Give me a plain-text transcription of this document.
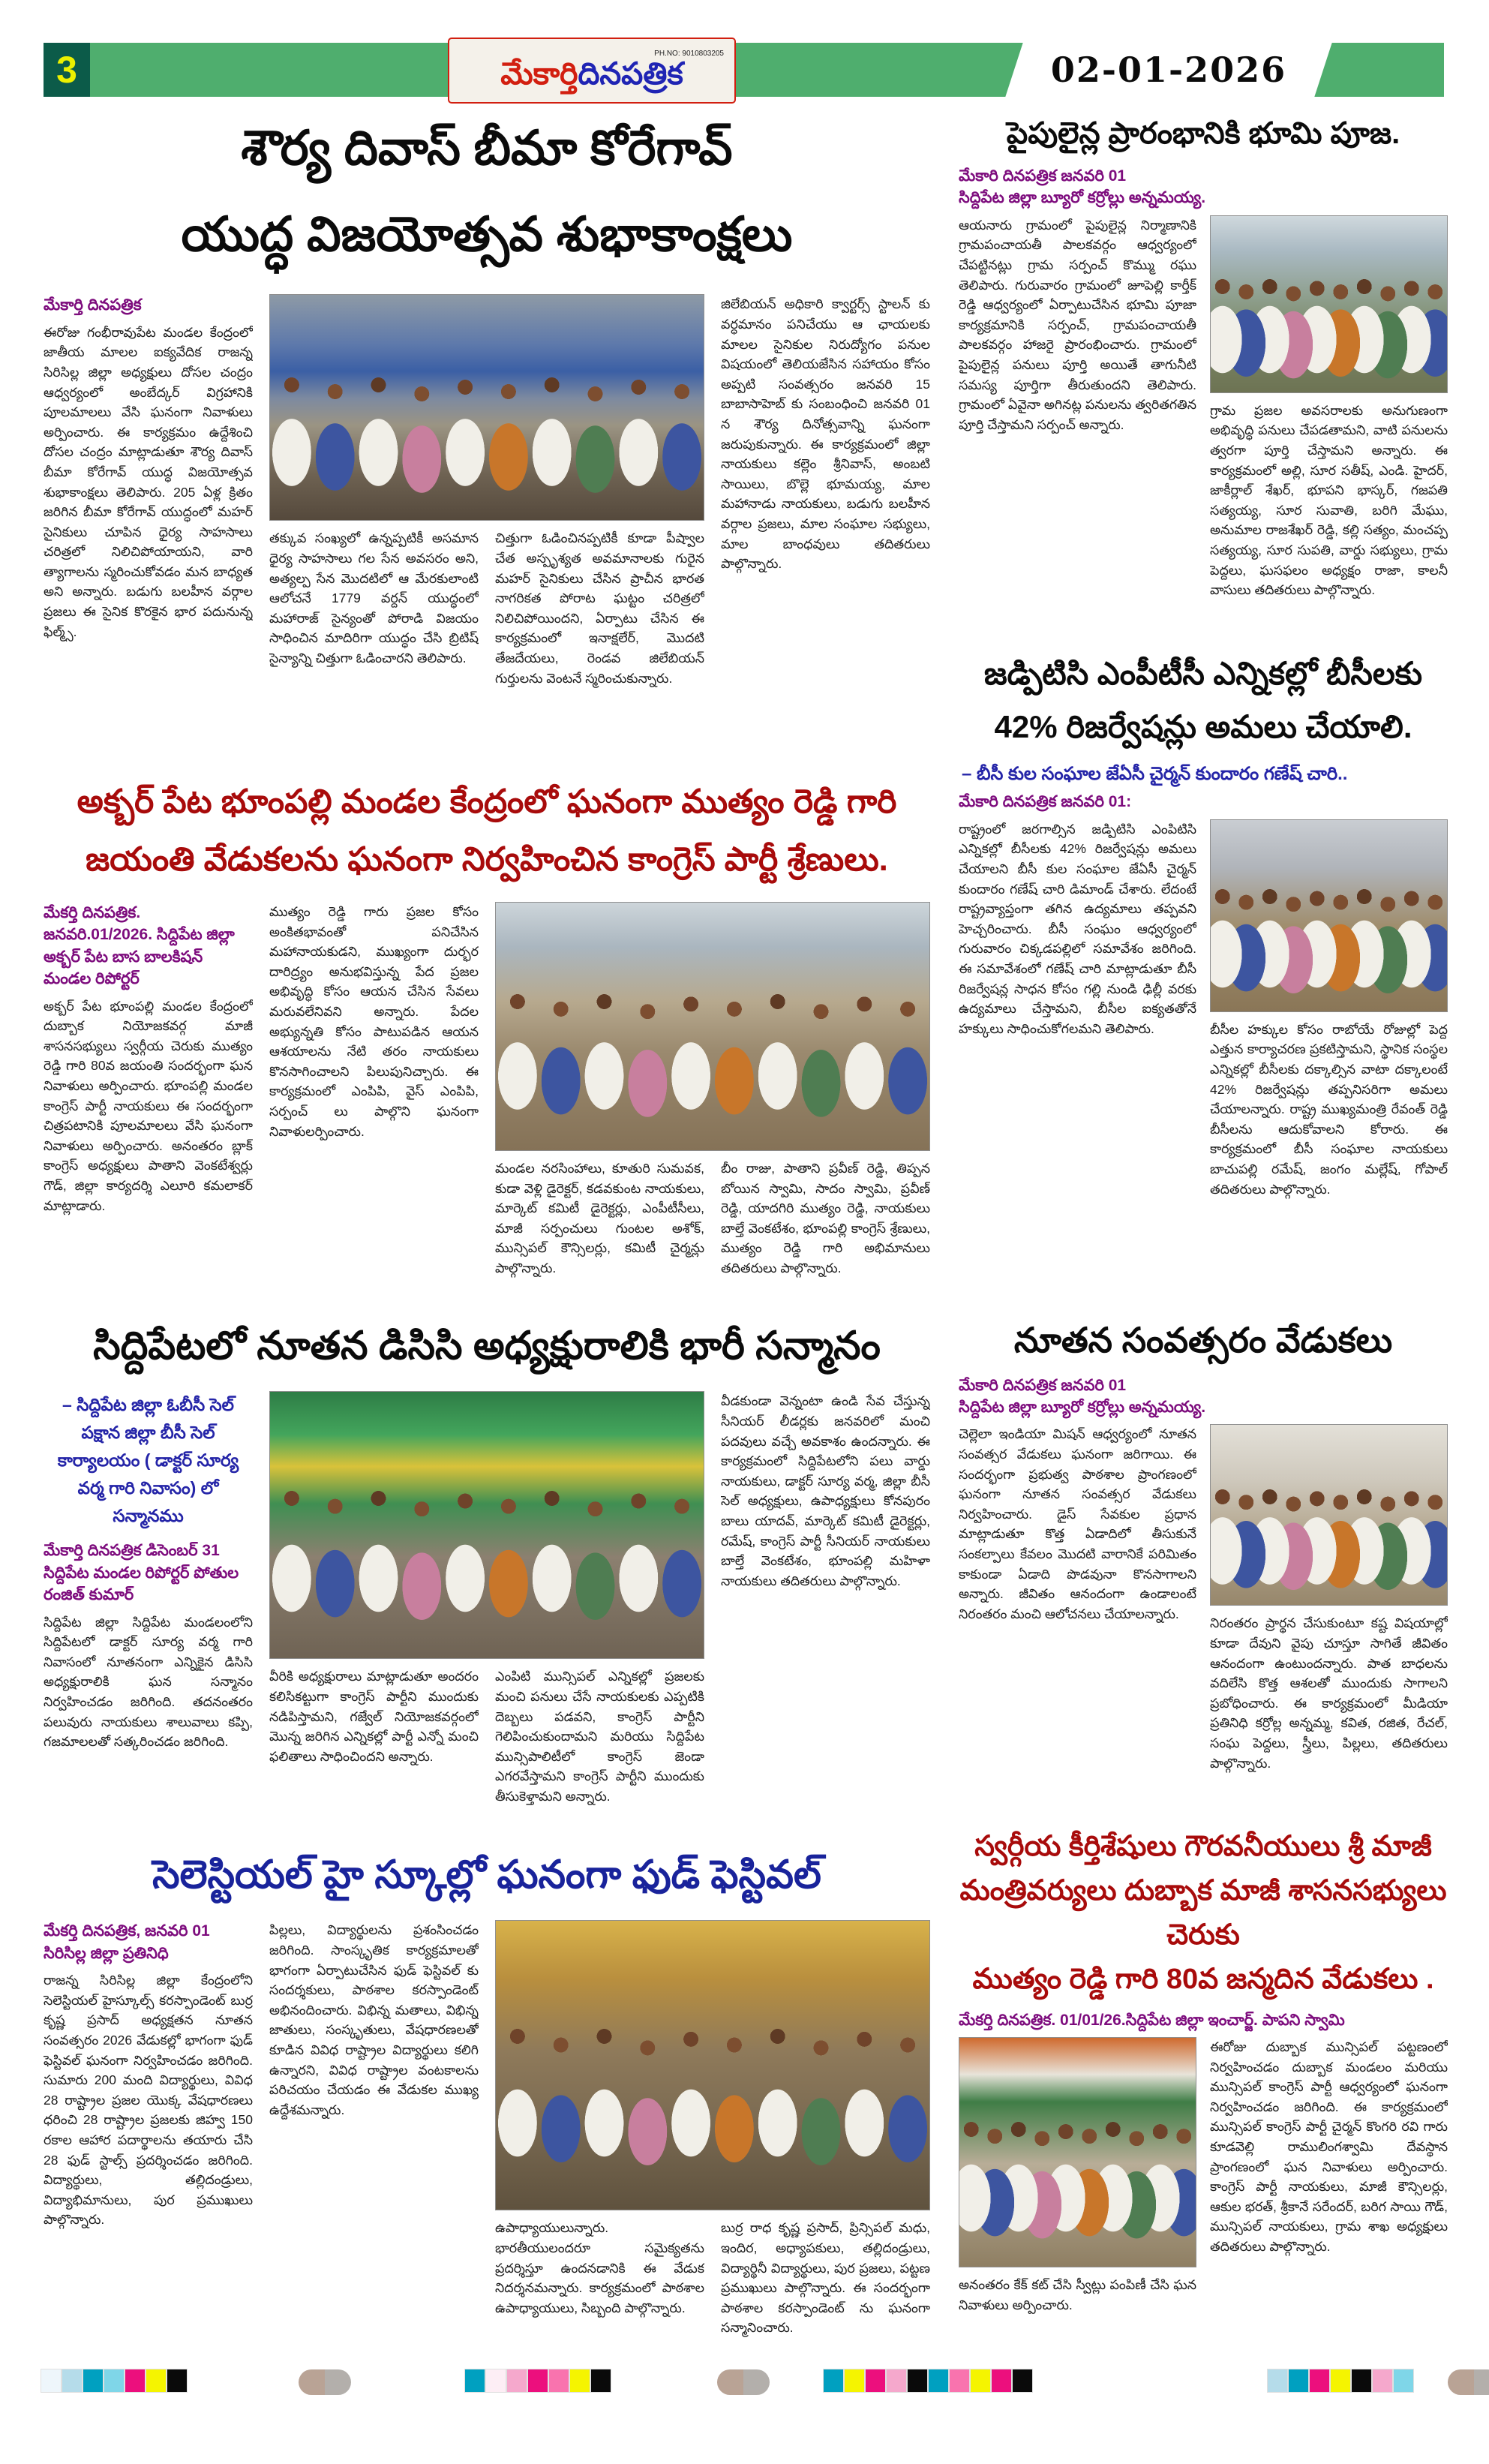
3	02-01-2026
PH.NO: 9010803205
మేకార్తిదినపత్రిక
శౌర్య దివాస్ బీమా కోరేగావ్
యుద్ధ విజయోత్సవ శుభాకాంక్షలు
మేకార్తి దినపత్రిక
ఈరోజు గంభీరావుపేట మండల కేంద్రంలో జాతీయ మాలల ఐక్యవేదిక రాజన్న సిరిసిల్ల జిల్లా అధ్యక్షులు దోసల చంద్రం ఆధ్వర్యంలో అంబేద్కర్ విగ్రహానికి పూలమాలలు వేసి ఘనంగా నివాళులు అర్పించారు. ఈ కార్యక్రమం ఉద్దేశించి దోసల చంద్రం మాట్లాడుతూ శౌర్య దివాస్ బీమా కోరేగావ్ యుద్ధ విజయోత్సవ శుభాకాంక్షలు తెలిపారు. 205 ఏళ్ల క్రితం జరిగిన బీమా కోరేగావ్ యుద్ధంలో మహర్ సైనికులు చూపిన ధైర్య సాహసాలు చరిత్రలో నిలిచిపోయాయని, వారి త్యాగాలను స్మరించుకోవడం మన బాధ్యత అని అన్నారు. బడుగు బలహీన వర్గాల ప్రజలు ఈ సైనిక కొరకైన భార పదునున్న ఫిల్మ్స్.
తక్కువ సంఖ్యలో ఉన్నప్పటికీ అసమాన ధైర్య సాహసాలు గల సేన అవసరం అని, అత్యల్ప సేన మొదటిలో ఆ మేరకులాంటి ఆలోచనే 1779 వర్దన్ యుద్ధంలో మహారాజ్ సైన్యంతో పోరాడి విజయం సాధించిన మాదిరిగా యుద్ధం చేసి బ్రిటిష్ సైన్యాన్ని చిత్తుగా ఓడించారని తెలిపారు.
చిత్తుగా ఓడించినప్పటికీ కూడా పీష్వాల చేత అస్పృశ్యత అవమానాలకు గురైన మహర్ సైనికులు చేసిన ప్రాచీన భారత నాగరికత పోరాట ఘట్టం చరిత్రలో నిలిచిపోయిందని, ఏర్పాటు చేసిన ఈ కార్యక్రమంలో ఇనాక్షలేర్, మొదటి తేజదేయలు, రెండవ జిలేబియన్ గుర్తులను వెంటనే స్మరించుకున్నారు.
జిలేబియన్ అధికారి క్వార్టర్స్ స్టాలన్ కు వర్ధమానం పనిచేయు ఆ ఛాయలకు మాలల సైనికుల నిరుద్యోగం పనుల విషయంలో తెలియజేసిన సహాయం కోసం అప్పటి సంవత్సరం జనవరి 15 బాబాసాహెబ్ కు సంబంధించి జనవరి 01 న శౌర్య దినోత్సవాన్ని ఘనంగా జరుపుకున్నారు. ఈ కార్యక్రమంలో జిల్లా నాయకులు కల్లెం శ్రీనివాస్, అంబటి సాయిలు, బొల్లె భూమయ్య, మాల మహానాడు నాయకులు, బడుగు బలహీన వర్గాల ప్రజలు, మాల సంఘాల సభ్యులు, మాల బాంధవులు తదితరులు పాల్గొన్నారు.
అక్బర్ పేట భూంపల్లి మండల కేంద్రంలో ఘనంగా ముత్యం రెడ్డి గారి
జయంతి వేడుకలను ఘనంగా నిర్వహించిన కాంగ్రెస్ పార్టీ శ్రేణులు.
మేకర్తి దినపత్రిక.
జనవరి.01/2026. సిద్దిపేట జిల్లా
అక్బర్ పేట బాస బాలకిషన్
మండల రిపోర్టర్
అక్బర్ పేట భూంపల్లి మండల కేంద్రంలో దుబ్బాక నియోజకవర్గ మాజీ శాసనసభ్యులు స్వర్గీయ చెరుకు ముత్యం రెడ్డి గారి 80వ జయంతి సందర్భంగా ఘన నివాళులు అర్పించారు. భూంపల్లి మండల కాంగ్రెస్ పార్టీ నాయకులు ఈ సందర్భంగా చిత్రపటానికి పూలమాలలు వేసి ఘనంగా నివాళులు అర్పించారు. అనంతరం బ్లాక్ కాంగ్రెస్ అధ్యక్షులు పాతాని వెంకటేశ్వర్లు గౌడ్, జిల్లా కార్యదర్శి ఎలూరి కమలాకర్ మాట్లాడారు.
ముత్యం రెడ్డి గారు ప్రజల కోసం అంకితభావంతో పనిచేసిన మహానాయకుడని, ముఖ్యంగా దుర్భర దారిద్ర్యం అనుభవిస్తున్న పేద ప్రజల అభివృద్ధి కోసం ఆయన చేసిన సేవలు మరువలేనివని అన్నారు. పేదల అభ్యున్నతి కోసం పాటుపడిన ఆయన ఆశయాలను నేటి తరం నాయకులు కొనసాగించాలని పిలుపునిచ్చారు. ఈ కార్యక్రమంలో ఎంపిపి, వైస్ ఎంపిపి, సర్పంచ్ లు పాల్గొని ఘనంగా నివాళులర్పించారు.
మండల నరసింహాలు, కూతురి సుమవక, కుడా వెళ్లి డైరెక్టర్, కడవకుంట నాయకులు, మార్కెట్ కమిటీ డైరెక్టర్లు, ఎంపీటీసీలు, మాజీ సర్పంచులు గుంటల అశోక్, మున్సిపల్ కౌన్సిలర్లు, కమిటీ చైర్మన్లు పాల్గొన్నారు.
బీం రాజు, పాతాని ప్రవీణ్ రెడ్డి, తిప్పన బోయిన స్వామి, సాదం స్వామి, ప్రవీణ్ రెడ్డి, యాదగిరి ముత్యం రెడ్డి, నాయకులు బాల్తే వెంకటేశం, భూంపల్లి కాంగ్రెస్ శ్రేణులు, ముత్యం రెడ్డి గారి అభిమానులు తదితరులు పాల్గొన్నారు.
సిద్దిపేటలో నూతన డిసిసి అధ్యక్షురాలికి భారీ సన్మానం
– సిద్దిపేట జిల్లా ఓబీసీ సెల్ పక్షాన జిల్లా బీసీ సెల్ కార్యాలయం ( డాక్టర్ సూర్య వర్మ గారి నివాసం) లో సన్మానము
మేకార్తి దినపత్రిక డిసెంబర్ 31
సిద్దిపేట మండల రిపోర్టర్ పోతుల రంజిత్ కుమార్
సిద్దిపేట జిల్లా సిద్దిపేట మండలంలోని సిద్దిపేటలో డాక్టర్ సూర్య వర్మ గారి నివాసంలో నూతనంగా ఎన్నికైన డిసిసి అధ్యక్షురాలికి ఘన సన్మానం నిర్వహించడం జరిగింది. తదనంతరం పలువురు నాయకులు శాలువాలు కప్పి, గజమాలలతో సత్కరించడం జరిగింది.
వీరికి అధ్యక్షురాలు మాట్లాడుతూ అందరం కలిసికట్టుగా కాంగ్రెస్ పార్టీని ముందుకు నడిపిస్తామని, గజ్వేల్ నియోజకవర్గంలో మొన్న జరిగిన ఎన్నికల్లో పార్టీ ఎన్నో మంచి ఫలితాలు సాధించిందని అన్నారు.
ఎంపిటి మున్సిపల్ ఎన్నికల్లో ప్రజలకు మంచి పనులు చేసే నాయకులకు ఎప్పటికి దెబ్బలు పడవని, కాంగ్రెస్ పార్టీని గెలిపించుకుందామని మరియు సిద్దిపేట మున్సిపాలిటీలో కాంగ్రెస్ జెండా ఎగరవేస్తామని కాంగ్రెస్ పార్టీని ముందుకు తీసుకెళ్తామని అన్నారు.
వీడకుండా వెన్నంటా ఉండి సేవ చేస్తున్న సీనియర్ లీడర్లకు జనవరిలో మంచి పదవులు వచ్చే అవకాశం ఉందన్నారు. ఈ కార్యక్రమంలో సిద్దిపేటలోని పలు వార్డు నాయకులు, డాక్టర్ సూర్య వర్మ, జిల్లా బీసీ సెల్ అధ్యక్షులు, ఉపాధ్యక్షులు కోనపురం బాలు యాదవ్, మార్కెట్ కమిటీ డైరెక్టర్లు, రమేష్, కాంగ్రెస్ పార్టీ సీనియర్ నాయకులు బాల్తే వెంకటేశం, భూంపల్లి మహిళా నాయకులు తదితరులు పాల్గొన్నారు.
సెలెస్టియల్ హై స్కూల్లో ఘనంగా ఫుడ్ ఫెస్టివల్
మేకర్తి దినపత్రిక, జనవరి 01
సిరిసిల్ల జిల్లా ప్రతినిధి
రాజన్న సిరిసిల్ల జిల్లా కేంద్రంలోని సెలెస్టియల్ హైస్కూల్స్ కరస్పాండెంట్ బుర్ర కృష్ణ ప్రసాద్ అధ్యక్షతన నూతన సంవత్సరం 2026 వేడుకల్లో భాగంగా ఫుడ్ ఫెస్టివల్ ఘనంగా నిర్వహించడం జరిగింది. సుమారు 200 మంది విద్యార్థులు, వివిధ 28 రాష్ట్రాల ప్రజల యొక్క వేషధారణలు ధరించి 28 రాష్ట్రాల ప్రజలకు జిహ్వ 150 రకాల ఆహార పదార్థాలను తయారు చేసి 28 ఫుడ్ స్టాల్స్ ప్రదర్శించడం జరిగింది. విద్యార్థులు, తల్లిదండ్రులు, విద్యాభిమానులు, పుర ప్రముఖులు పాల్గొన్నారు.
పిల్లలు, విద్యార్థులను ప్రశంసించడం జరిగింది. సాంస్కృతిక కార్యక్రమాలతో భాగంగా ఏర్పాటుచేసిన ఫుడ్ ఫెస్టివల్ కు సందర్శకులు, పాఠశాల కరస్పాండెంట్ అభినందించారు. విభిన్న మతాలు, విభిన్న జాతులు, సంస్కృతులు, వేషధారణలతో కూడిన వివిధ రాష్ట్రాల విద్యార్థులు కలిగి ఉన్నారని, వివిధ రాష్ట్రాల వంటకాలను పరిచయం చేయడం ఈ వేడుకల ముఖ్య ఉద్దేశమన్నారు.
ఉపాధ్యాయులున్నారు. భారతీయులందరూ సమైక్యతను ప్రదర్శిస్తూ ఉందనడానికి ఈ వేడుక నిదర్శనమన్నారు. కార్యక్రమంలో పాఠశాల ఉపాధ్యాయులు, సిబ్బంది పాల్గొన్నారు.
బుర్ర రాధ కృష్ణ ప్రసాద్, ప్రిన్సిపల్ మధు, ఇందిర, అధ్యాపకులు, తల్లిదండ్రులు, విద్యార్థినీ విద్యార్థులు, పుర ప్రజలు, పట్టణ ప్రముఖులు పాల్గొన్నారు. ఈ సందర్భంగా పాఠశాల కరస్పాండెంట్ ను ఘనంగా సన్మానించారు.
పైపులైన్ల ప్రారంభానికి భూమి పూజ.
మేకారి దినపత్రిక జనవరి 01
సిద్దిపేట జిల్లా బ్యూరో కర్రోల్లు అన్నమయ్య.
ఆయనారు గ్రామంలో పైపులైన్ల నిర్మాణానికి గ్రామపంచాయతీ పాలకవర్గం ఆధ్వర్యంలో చేపట్టినట్లు గ్రామ సర్పంచ్ కొమ్ము రఘు తెలిపారు. గురువారం గ్రామంలో జూపెల్లి కార్తీక్ రెడ్డి ఆధ్వర్యంలో ఏర్పాటుచేసిన భూమి పూజా కార్యక్రమానికి సర్పంచ్, గ్రామపంచాయతీ పాలకవర్గం హాజరై ప్రారంభించారు. గ్రామంలో పైపులైన్ల పనులు పూర్తి అయితే తాగునీటి సమస్య పూర్తిగా తీరుతుందని తెలిపారు. గ్రామంలో ఏవైనా అగినట్ల పనులను త్వరితగతిన పూర్తి చేస్తామని సర్పంచ్ అన్నారు.
గ్రామ ప్రజల అవసరాలకు అనుగుణంగా అభివృద్ధి పనులు చేపడతామని, వాటి పనులను త్వరగా పూర్తి చేస్తామని అన్నారు. ఈ కార్యక్రమంలో అల్లి, సూర సతీష్, ఎండి. హైదర్, జాకీర్లాల్ శేఖర్, భూపని భాస్కర్, గజపతి సత్యయ్య, సూర సువాతి, బరిగి మేఘు, అనుమాల రాజశేఖర్ రెడ్డి, కల్లి సత్యం, మంచప్ప సత్యయ్య, సూర సుపతి, వార్డు సభ్యులు, గ్రామ పెద్దలు, ఘసఫలం అధ్యక్షం రాజా, కాలనీ వాసులు తదితరులు పాల్గొన్నారు.
జడ్పిటిసి ఎంపీటీసీ ఎన్నికల్లో బీసీలకు
42% రిజర్వేషన్లు అమలు చేయాలి.
– బీసీ కుల సంఘాల జేఏసీ చైర్మన్ కుందారం గణేష్ చారి..
మేకారి దినపత్రిక జనవరి 01:
రాష్ట్రంలో జరగాల్సిన జడ్పిటిసి ఎంపిటిసి ఎన్నికల్లో బీసీలకు 42% రిజర్వేషన్లు అమలు చేయాలని బీసీ కుల సంఘాల జేఏసీ చైర్మన్ కుందారం గణేష్ చారి డిమాండ్ చేశారు. లేదంటే రాష్ట్రవ్యాప్తంగా తగిన ఉద్యమాలు తప్పవని హెచ్చరించారు. బీసీ సంఘం ఆధ్వర్యంలో గురువారం చిక్కడపల్లిలో సమావేశం జరిగింది. ఈ సమావేశంలో గణేష్ చారి మాట్లాడుతూ బీసీ రిజర్వేషన్ల సాధన కోసం గల్లి నుండి ఢిల్లీ వరకు ఉద్యమాలు చేస్తామని, బీసీల ఐక్యతతోనే హక్కులు సాధించుకోగలమని తెలిపారు.	బీసీల హక్కుల కోసం రాబోయే రోజుల్లో పెద్ద ఎత్తున కార్యాచరణ ప్రకటిస్తామని, స్థానిక సంస్థల ఎన్నికల్లో బీసీలకు దక్కాల్సిన వాటా దక్కాలంటే 42% రిజర్వేషన్లు తప్పనిసరిగా అమలు చేయాలన్నారు. రాష్ట్ర ముఖ్యమంత్రి రేవంత్ రెడ్డి బీసీలను ఆదుకోవాలని కోరారు. ఈ కార్యక్రమంలో బీసీ సంఘాల నాయకులు బాచుపల్లి రమేష్, జంగం మల్లేష్, గోపాల్ తదితరులు పాల్గొన్నారు.
నూతన సంవత్సరం వేడుకలు
మేకారి దినపత్రిక జనవరి 01
సిద్దిపేట జిల్లా బ్యూరో కర్రోల్లు అన్నమయ్య.
చెల్లెలా ఇండియా మిషన్ ఆధ్వర్యంలో నూతన సంవత్సర వేడుకలు ఘనంగా జరిగాయి. ఈ సందర్భంగా ప్రభుత్వ పాఠశాల ప్రాంగణంలో ఘనంగా నూతన సంవత్సర వేడుకలు నిర్వహించారు. డైస్ సేవకుల ప్రధాన మాట్లాడుతూ కొత్త ఏడాదిలో తీసుకునే సంకల్పాలు కేవలం మొదటి వారానికే పరిమితం కాకుండా ఏడాది పొడవునా కొనసాగాలని అన్నారు. జీవితం ఆనందంగా ఉండాలంటే నిరంతరం మంచి ఆలోచనలు చేయాలన్నారు.
నిరంతరం ప్రార్థన చేసుకుంటూ కష్ట విషయాల్లో కూడా దేవుని వైపు చూస్తూ సాగితే జీవితం ఆనందంగా ఉంటుందన్నారు. పాత బాధలను వదిలేసి కొత్త ఆశలతో ముందుకు సాగాలని ప్రబోధించారు. ఈ కార్యక్రమంలో మీడియా ప్రతినిధి కర్రోల్ల అన్నమ్మ, కవిత, రజిత, రేచల్, సంఘ పెద్దలు, స్త్రీలు, పిల్లలు, తదితరులు పాల్గొన్నారు.
స్వర్గీయ కీర్తిశేషులు గౌరవనీయులు శ్రీ మాజీ
మంత్రివర్యులు దుబ్బాక మాజీ శాసనసభ్యులు చెరుకు
ముత్యం రెడ్డి గారి 80వ జన్మదిన వేడుకలు .
మేకర్తి దినపత్రిక. 01/01/26.సిద్దిపేట జిల్లా ఇంచార్జ్. పాపని స్వామి
అనంతరం కేక్ కట్ చేసి స్వీట్లు పంపిణీ చేసి ఘన నివాళులు అర్పించారు.
ఈరోజు దుబ్బాక మున్సిపల్ పట్టణంలో నిర్వహించడం దుబ్బాక మండలం మరియు మున్సిపల్ కాంగ్రెస్ పార్టీ ఆధ్వర్యంలో ఘనంగా నిర్వహించడం జరిగింది. ఈ కార్యక్రమంలో మున్సిపల్ కాంగ్రెస్ పార్టీ చైర్మన్ కొంగరి రవి గారు కూడవెల్లి రాములింగశ్వామి దేవస్థాన ప్రాంగణంలో ఘన నివాళులు అర్పించారు. కాంగ్రెస్ పార్టీ నాయకులు, మాజీ కౌన్సిలర్లు, ఆకుల భరత్, శ్రీకానే సరేందర్, బరిగ సాయి గౌడ్, మున్సిపల్ నాయకులు, గ్రామ శాఖ అధ్యక్షులు తదితరులు పాల్గొన్నారు.
